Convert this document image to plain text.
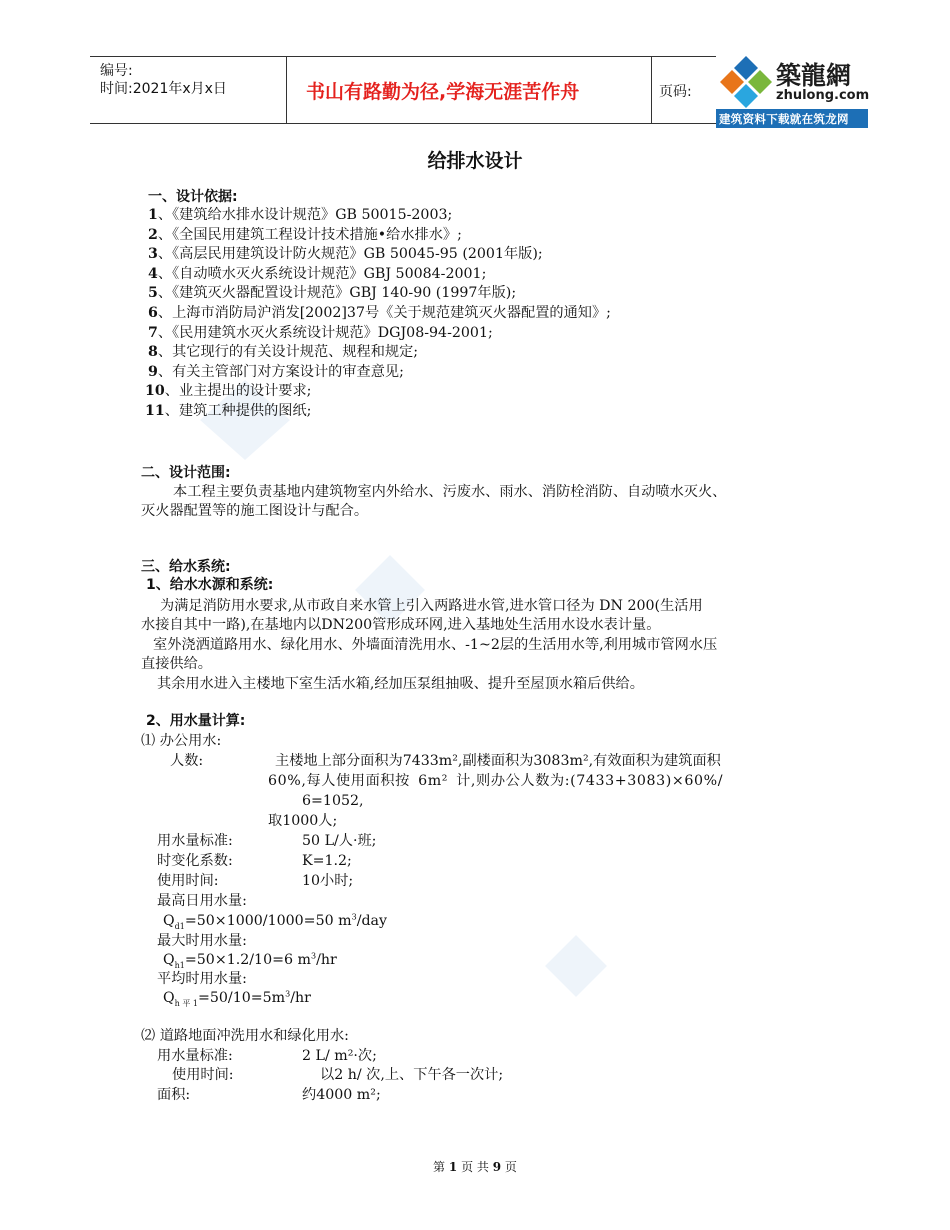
编号:
时间:2021年x月x日	书山有路勤为径,学海无涯苦作舟	页码:
築龍網
zhulong.com
建筑资料下载就在筑龙网
给排水设计
一、设计依据:
1、《建筑给水排水设计规范》GB 50015-2003;
2、《全国民用建筑工程设计技术措施•给水排水》;
3、《高层民用建筑设计防火规范》GB 50045-95 (2001年版);
4、《自动喷水灭火系统设计规范》GBJ 50084-2001;
5、《建筑灭火器配置设计规范》GBJ 140-90 (1997年版);
6、上海市消防局沪消发[2002]37号《关于规范建筑灭火器配置的通知》;
7、《民用建筑水灭火系统设计规范》DGJ08-94-2001;
8、其它现行的有关设计规范、规程和规定;
9、有关主管部门对方案设计的审查意见;
10、业主提出的设计要求;
11、建筑工种提供的图纸;
二、设计范围:
本工程主要负责基地内建筑物室内外给水、污废水、雨水、消防栓消防、自动喷水灭火、
灭火器配置等的施工图设计与配合。
三、给水系统:
1、给水水源和系统:
为满足消防用水要求,从市政自来水管上引入两路进水管,进水管口径为 DN 200(生活用
水接自其中一路),在基地内以DN200管形成环网,进入基地处生活用水设水表计量。
室外浇洒道路用水、绿化用水、外墙面清洗用水、-1~2层的生活用水等,利用城市管网水压
直接供给。
其余用水进入主楼地下室生活水箱,经加压泵组抽吸、提升至屋顶水箱后供给。
2、用水量计算:
⑴ 办公用水:
人数:	主楼地上部分面积为7433m²,副楼面积为3083m²,有效面积为建筑面积
60%,每人使用面积按 6m² 计,则办公人数为:(7433+3083)×60%/
6=1052,
取1000人;
用水量标准:	50 L/人·班;
时变化系数:	K=1.2;
使用时间:	10小时;
最高日用水量:
$Q_{d1}=50\times 1000/1000=50$ $m^3$/day
最大时用水量:
$Q_{h1}=50\times 1.2/10=6$ $m^3/hr$
平均时用水量:
$Q_{h 平 1}=50/10=5m^3/hr$
⑵ 道路地面冲洗用水和绿化用水:
用水量标准:	2 L/ m²·次;
使用时间:	以2 h/ 次,上、下午各一次计;
面积:	约4000 m²;
第 1 页 共 9 页
